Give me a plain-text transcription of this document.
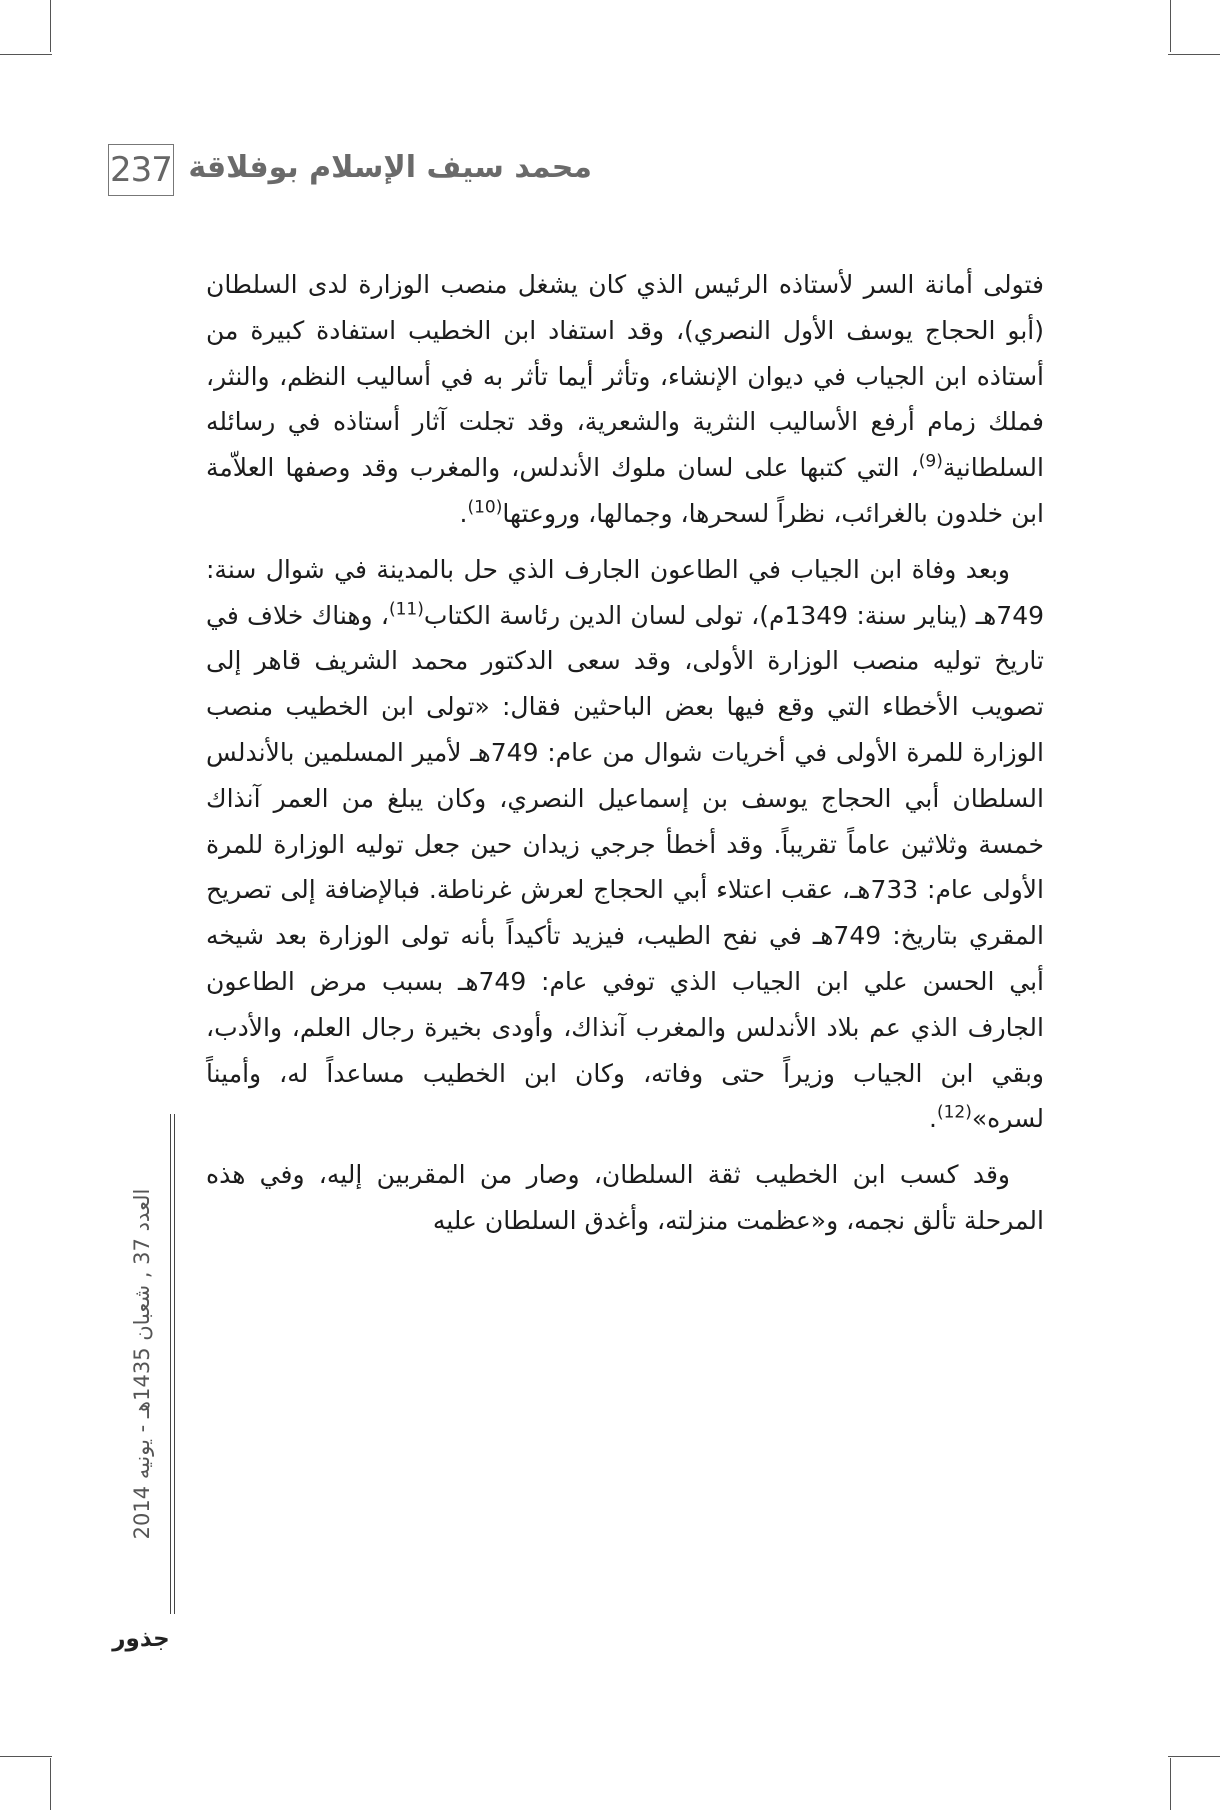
237 محمد سيف الإسلام بوفلاقة

فتولى أمانة السر لأستاذه الرئيس الذي كان يشغل منصب الوزارة لدى السلطان (أبو الحجاج يوسف الأول النصري)، وقد استفاد ابن الخطيب استفادة كبيرة من أستاذه ابن الجياب في ديوان الإنشاء، وتأثر أيما تأثر به في أساليب النظم، والنثر، فملك زمام أرفع الأساليب النثرية والشعرية، وقد تجلت آثار أستاذه في رسائله السلطانية$^{(9)}$، التي كتبها على لسان ملوك الأندلس، والمغرب وقد وصفها العلاّمة ابن خلدون بالغرائب، نظراً لسحرها، وجمالها، وروعتها$^{(10)}$.

وبعد وفاة ابن الجياب في الطاعون الجارف الذي حل بالمدينة في شوال سنة: 749هـ (يناير سنة: 1349م)، تولى لسان الدين رئاسة الكتاب$^{(11)}$، وهناك خلاف في تاريخ توليه منصب الوزارة الأولى، وقد سعى الدكتور محمد الشريف قاهر إلى تصويب الأخطاء التي وقع فيها بعض الباحثين فقال: «تولى ابن الخطيب منصب الوزارة للمرة الأولى في أخريات شوال من عام: 749هـ لأمير المسلمين بالأندلس السلطان أبي الحجاج يوسف بن إسماعيل النصري، وكان يبلغ من العمر آنذاك خمسة وثلاثين عاماً تقريباً. وقد أخطأ جرجي زيدان حين جعل توليه الوزارة للمرة الأولى عام: 733هـ، عقب اعتلاء أبي الحجاج لعرش غرناطة. فبالإضافة إلى تصريح المقري بتاريخ: 749هـ في نفح الطيب، فيزيد تأكيداً بأنه تولى الوزارة بعد شيخه أبي الحسن علي ابن الجياب الذي توفي عام: 749هـ بسبب مرض الطاعون الجارف الذي عم بلاد الأندلس والمغرب آنذاك، وأودى بخيرة رجال العلم، والأدب، وبقي ابن الجياب وزيراً حتى وفاته، وكان ابن الخطيب مساعداً له، وأميناً لسره»$^{(12)}$.

وقد كسب ابن الخطيب ثقة السلطان، وصار من المقربين إليه، وفي هذه المرحلة تألق نجمه، و«عظمت منزلته، وأغدق السلطان عليه

العدد 37 , شعبان 1435هـ - يونيه 2014
جذور
